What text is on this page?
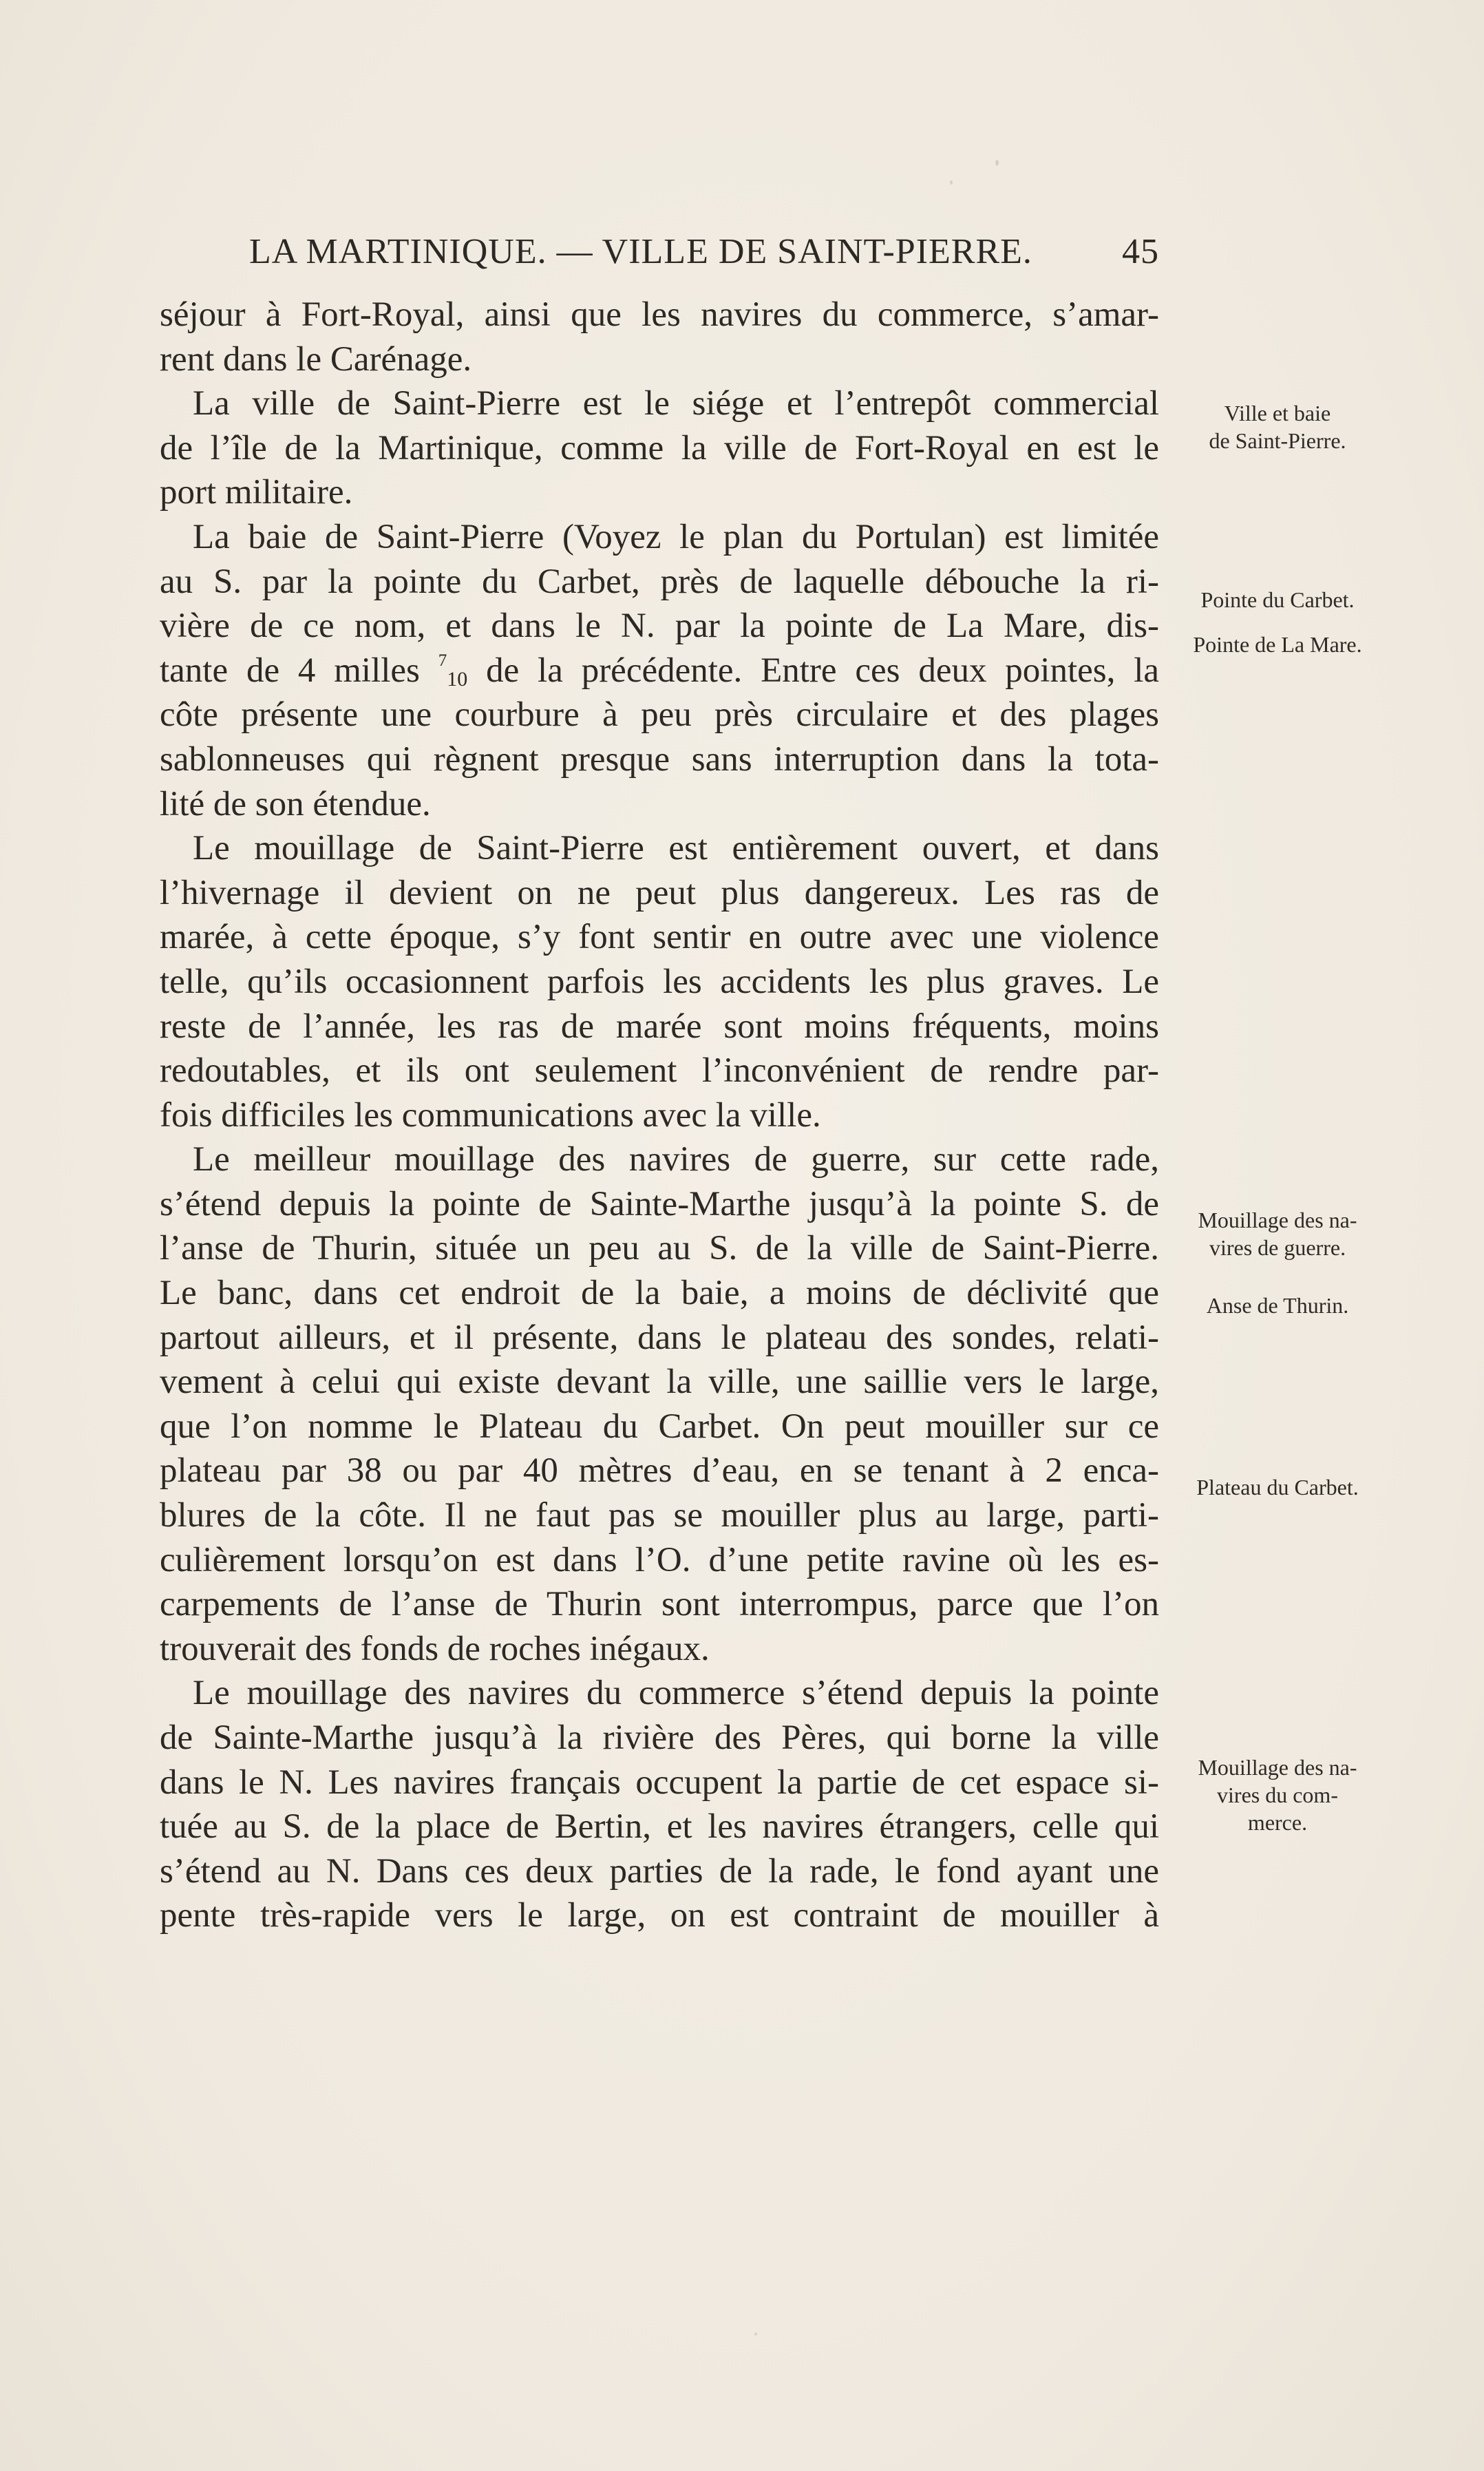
LA MARTINIQUE. — VILLE DE SAINT-PIERRE.	45
séjour à Fort-Royal, ainsi que les navires du commerce, s’amar-
rent dans le Carénage.
La ville de Saint-Pierre est le siége et l’entrepôt commercial
de l’île de la Martinique, comme la ville de Fort-Royal en est le
port militaire.
La baie de Saint-Pierre (Voyez le plan du Portulan) est limitée
au S. par la pointe du Carbet, près de laquelle débouche la ri-
vière de ce nom, et dans le N. par la pointe de La Mare, dis-
tante de 4 milles $^7_{10}$ de la précédente. Entre ces deux pointes, la
côte présente une courbure à peu près circulaire et des plages
sablonneuses qui règnent presque sans interruption dans la tota-
lité de son étendue.
Le mouillage de Saint-Pierre est entièrement ouvert, et dans
l’hivernage il devient on ne peut plus dangereux. Les ras de
marée, à cette époque, s’y font sentir en outre avec une violence
telle, qu’ils occasionnent parfois les accidents les plus graves. Le
reste de l’année, les ras de marée sont moins fréquents, moins
redoutables, et ils ont seulement l’inconvénient de rendre par-
fois difficiles les communications avec la ville.
Le meilleur mouillage des navires de guerre, sur cette rade,
s’étend depuis la pointe de Sainte-Marthe jusqu’à la pointe S. de
l’anse de Thurin, située un peu au S. de la ville de Saint-Pierre.
Le banc, dans cet endroit de la baie, a moins de déclivité que
partout ailleurs, et il présente, dans le plateau des sondes, relati-
vement à celui qui existe devant la ville, une saillie vers le large,
que l’on nomme le Plateau du Carbet. On peut mouiller sur ce
plateau par 38 ou par 40 mètres d’eau, en se tenant à 2 enca-
blures de la côte. Il ne faut pas se mouiller plus au large, parti-
culièrement lorsqu’on est dans l’O. d’une petite ravine où les es-
carpements de l’anse de Thurin sont interrompus, parce que l’on
trouverait des fonds de roches inégaux.
Le mouillage des navires du commerce s’étend depuis la pointe
de Sainte-Marthe jusqu’à la rivière des Pères, qui borne la ville
dans le N. Les navires français occupent la partie de cet espace si-
tuée au S. de la place de Bertin, et les navires étrangers, celle qui
s’étend au N. Dans ces deux parties de la rade, le fond ayant une
pente très-rapide vers le large, on est contraint de mouiller à
Ville et baie
de Saint-Pierre.
Pointe du Carbet.
Pointe de La Mare.
Mouillage des na-
vires de guerre.
Anse de Thurin.
Plateau du Carbet.
Mouillage des na-
vires du com-
merce.
